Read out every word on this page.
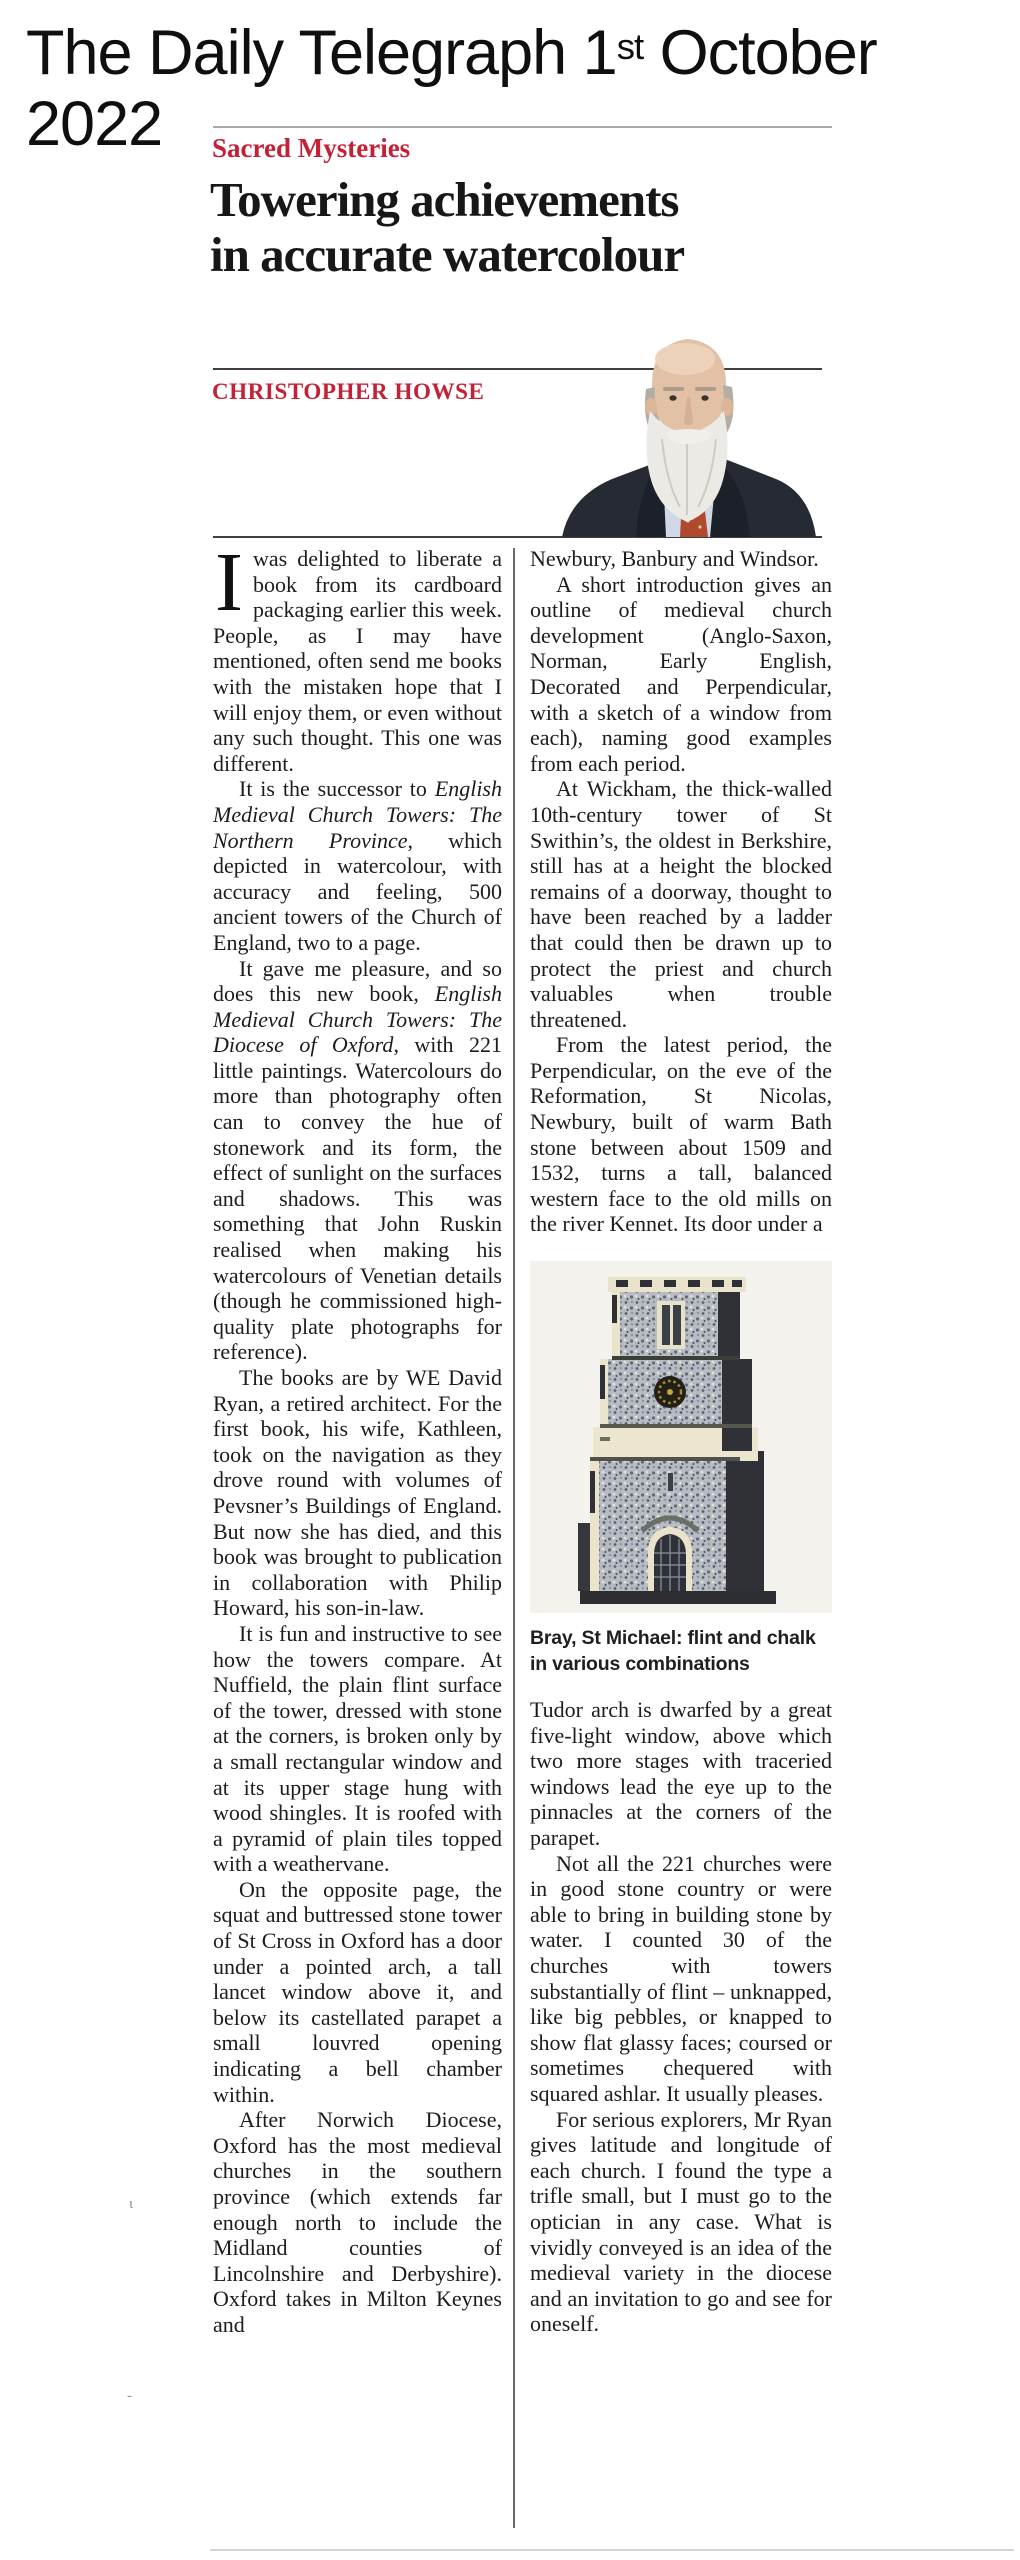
The Daily Telegraph 1st October
2022	Sacred Mysteries
Towering achievements
in accurate watercolour
CHRISTOPHER HOWSE

Iwas delighted to liberate a book from its cardboard packaging earlier this week. People, as I may have mentioned, often send me books with the mistaken hope that I will enjoy them, or even without any such thought. This one was different.

It is the successor to English Medieval Church Towers: The Northern Province, which depicted in watercolour, with accuracy and feeling, 500 ancient towers of the Church of England, two to a page.

It gave me pleasure, and so does this new book, English Medieval Church Towers: The Diocese of Oxford, with 221 little paintings. Watercolours do more than photography often can to convey the hue of stonework and its form, the effect of sunlight on the surfaces and shadows. This was something that John Ruskin realised when making his watercolours of Venetian details (though he commissioned high-quality plate photographs for reference).

The books are by WE David Ryan, a retired architect. For the first book, his wife, Kathleen, took on the navigation as they drove round with volumes of Pevsner’s Buildings of England. But now she has died, and this book was brought to publication in collaboration with Philip Howard, his son-in-law.

It is fun and instructive to see how the towers compare. At Nuffield, the plain flint surface of the tower, dressed with stone at the corners, is broken only by a small rectangular window and at its upper stage hung with wood shingles. It is roofed with a pyramid of plain tiles topped with a weathervane.

On the opposite page, the squat and buttressed stone tower of St Cross in Oxford has a door under a pointed arch, a tall lancet window above it, and below its castellated parapet a small louvred opening indicating a bell chamber within.

After Norwich Diocese, Oxford has the most medieval churches in the southern province (which extends far enough north to include the Midland counties of Lincolnshire and Derbyshire). Oxford takes in Milton Keynes and

Newbury, Banbury and Windsor.

A short introduction gives an outline of medieval church development (Anglo-Saxon, Norman, Early English, Decorated and Perpendicular, with a sketch of a window from each), naming good examples from each period.

At Wickham, the thick-walled 10th-century tower of St Swithin’s, the oldest in Berkshire, still has at a height the blocked remains of a doorway, thought to have been reached by a ladder that could then be drawn up to protect the priest and church valuables when trouble threatened.

From the latest period, the Perpendicular, on the eve of the Reformation, St Nicolas, Newbury, built of warm Bath stone between about 1509 and 1532, turns a tall, balanced western face to the old mills on the river Kennet. Its door under a

Bray, St Michael: flint and chalk in various combinations

Tudor arch is dwarfed by a great five-light window, above which two more stages with traceried windows lead the eye up to the pinnacles at the corners of the parapet.

Not all the 221 churches were in good stone country or were able to bring in building stone by water. I counted 30 of the churches with towers substantially of flint – unknapped, like big pebbles, or knapped to show flat glassy faces; coursed or sometimes chequered with squared ashlar. It usually pleases.

For serious explorers, Mr Ryan gives latitude and longitude of each church. I found the type a trifle small, but I must go to the optician in any case. What is vividly conveyed is an idea of the medieval variety in the diocese and an invitation to go and see for oneself.

ι
-
